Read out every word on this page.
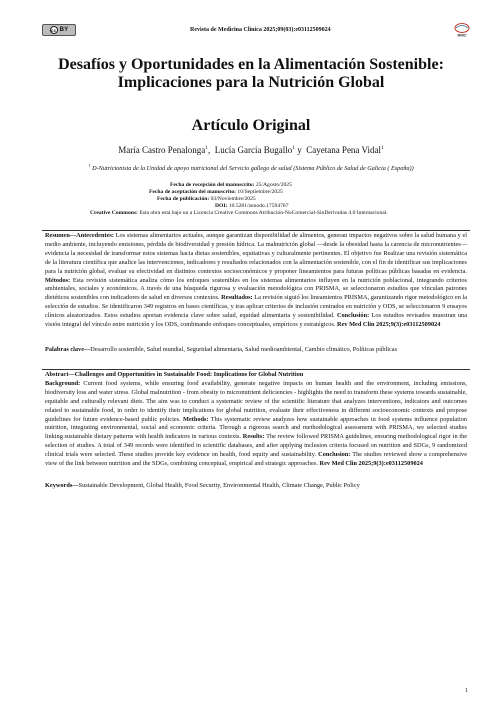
cc BY	Revista de Medicina Clínica 2025;09(03):e03112509024
RMC
Desafíos y Oportunidades en la Alimentación Sostenible:
Implicaciones para la Nutrición Global
Artículo Original
María Castro Penalonga$^1$,  Lucía García Bugallo$^1$ y  Cayetana Pena Vidal$^1$
$^1$ D-Nutricionista de la Unidad de apoyo nutricional del Servicio gallego de salud (Sistema Público de Salud de Galicia ( España))
Fecha de recepción del manuscrito: 25/Agosto/2025
Fecha de aceptación del manuscrito: 10/Septiembre/2025
Fecha de publicación: 03/Noviembre/2025
DOI: 10.5281/zenodo.17594787
Creative Commons: Esta obra está bajo un a Licencia Creative Commons Atribución-NoComercial-SinDerivadas 4.0 Internacional.
Resumen—Antecedentes: Los sistemas alimentarios actuales, aunque garantizan disponibilidad de alimentos, generan impactos negativos sobre la salud humana y el medio ambiente, incluyendo emisiones, pérdida de biodiversidad y presión hídrica. La malnutrición global —desde la obesidad hasta la carencia de micronutrientes— evidencia la necesidad de transformar estos sistemas hacia dietas sostenibles, equitativas y culturalmente pertinentes. El objetivo fue Realizar una revisión sistemática de la literatura científica que analice las intervenciones, indicadores y resultados relacionados con la alimentación sostenible, con el fin de identificar sus implicaciones para la nutrición global, evaluar su efectividad en distintos contextos socioeconómicos y proponer lineamientos para futuras políticas públicas basadas en evidencia. Métodos: Esta revisión sistemática analiza cómo los enfoques sostenibles en los sistemas alimentarios influyen en la nutrición poblacional, integrando criterios ambientales, sociales y económicos. A través de una búsqueda rigurosa y evaluación metodológica con PRISMA, se seleccionaron estudios que vinculan patrones dietéticos sostenibles con indicadores de salud en diversos contextos. Resultados: La revisión siguió los lineamientos PRISMA, garantizando rigor metodológico en la selección de estudios. Se identificaron 349 registros en bases científicas, y tras aplicar criterios de inclusión centrados en nutrición y ODS, se seleccionaron 9 ensayos clínicos aleatorizados. Estos estudios aportan evidencia clave sobre salud, equidad alimentaria y sostenibilidad. Conclusión: Los estudios revisados muestran una visión integral del vínculo entre nutrición y los ODS, combinando enfoques conceptuales, empíricos y estratégicos. Rev Med Clin 2025;9(3):e03112509024
Palabras clave—Desarrollo sostenible, Salud mundial, Seguridad alimentaria, Salud medioambiental, Cambio climático, Políticas públicas
Abstract—Challenges and Opportunities in Sustainable Food: Implications for Global Nutrition
Background: Current food systems, while ensuring food availability, generate negative impacts on human health and the environment, including emissions, biodiversity loss and water stress. Global malnutrition - from obesity to micronutrient deficiencies - highlights the need to transform these systems towards sustainable, equitable and culturally relevant diets. The aim was to conduct a systematic review of the scientific literature that analyzes interventions, indicators and outcomes related to sustainable food, in order to identify their implications for global nutrition, evaluate their effectiveness in different socioeconomic contexts and propose guidelines for future evidence-based public policies. Methods: This systematic review analyzes how sustainable approaches in food systems influence population nutrition, integrating environmental, social and economic criteria. Through a rigorous search and methodological assessment with PRISMA, we selected studies linking sustainable dietary patterns with health indicators in various contexts. Results: The review followed PRISMA guidelines, ensuring methodological rigor in the selection of studies. A total of 349 records were identified in scientific databases, and after applying inclusion criteria focused on nutrition and SDGs, 9 randomized clinical trials were selected. These studies provide key evidence on health, food equity and sustainability. Conclusion: The studies reviewed show a comprehensive view of the link between nutrition and the SDGs, combining conceptual, empirical and strategic approaches. Rev Med Clin 2025;9(3):e03112509024
Keywords—Sustainable Development, Global Health, Food Security, Environmental Health, Climate Change, Public Policy
1
